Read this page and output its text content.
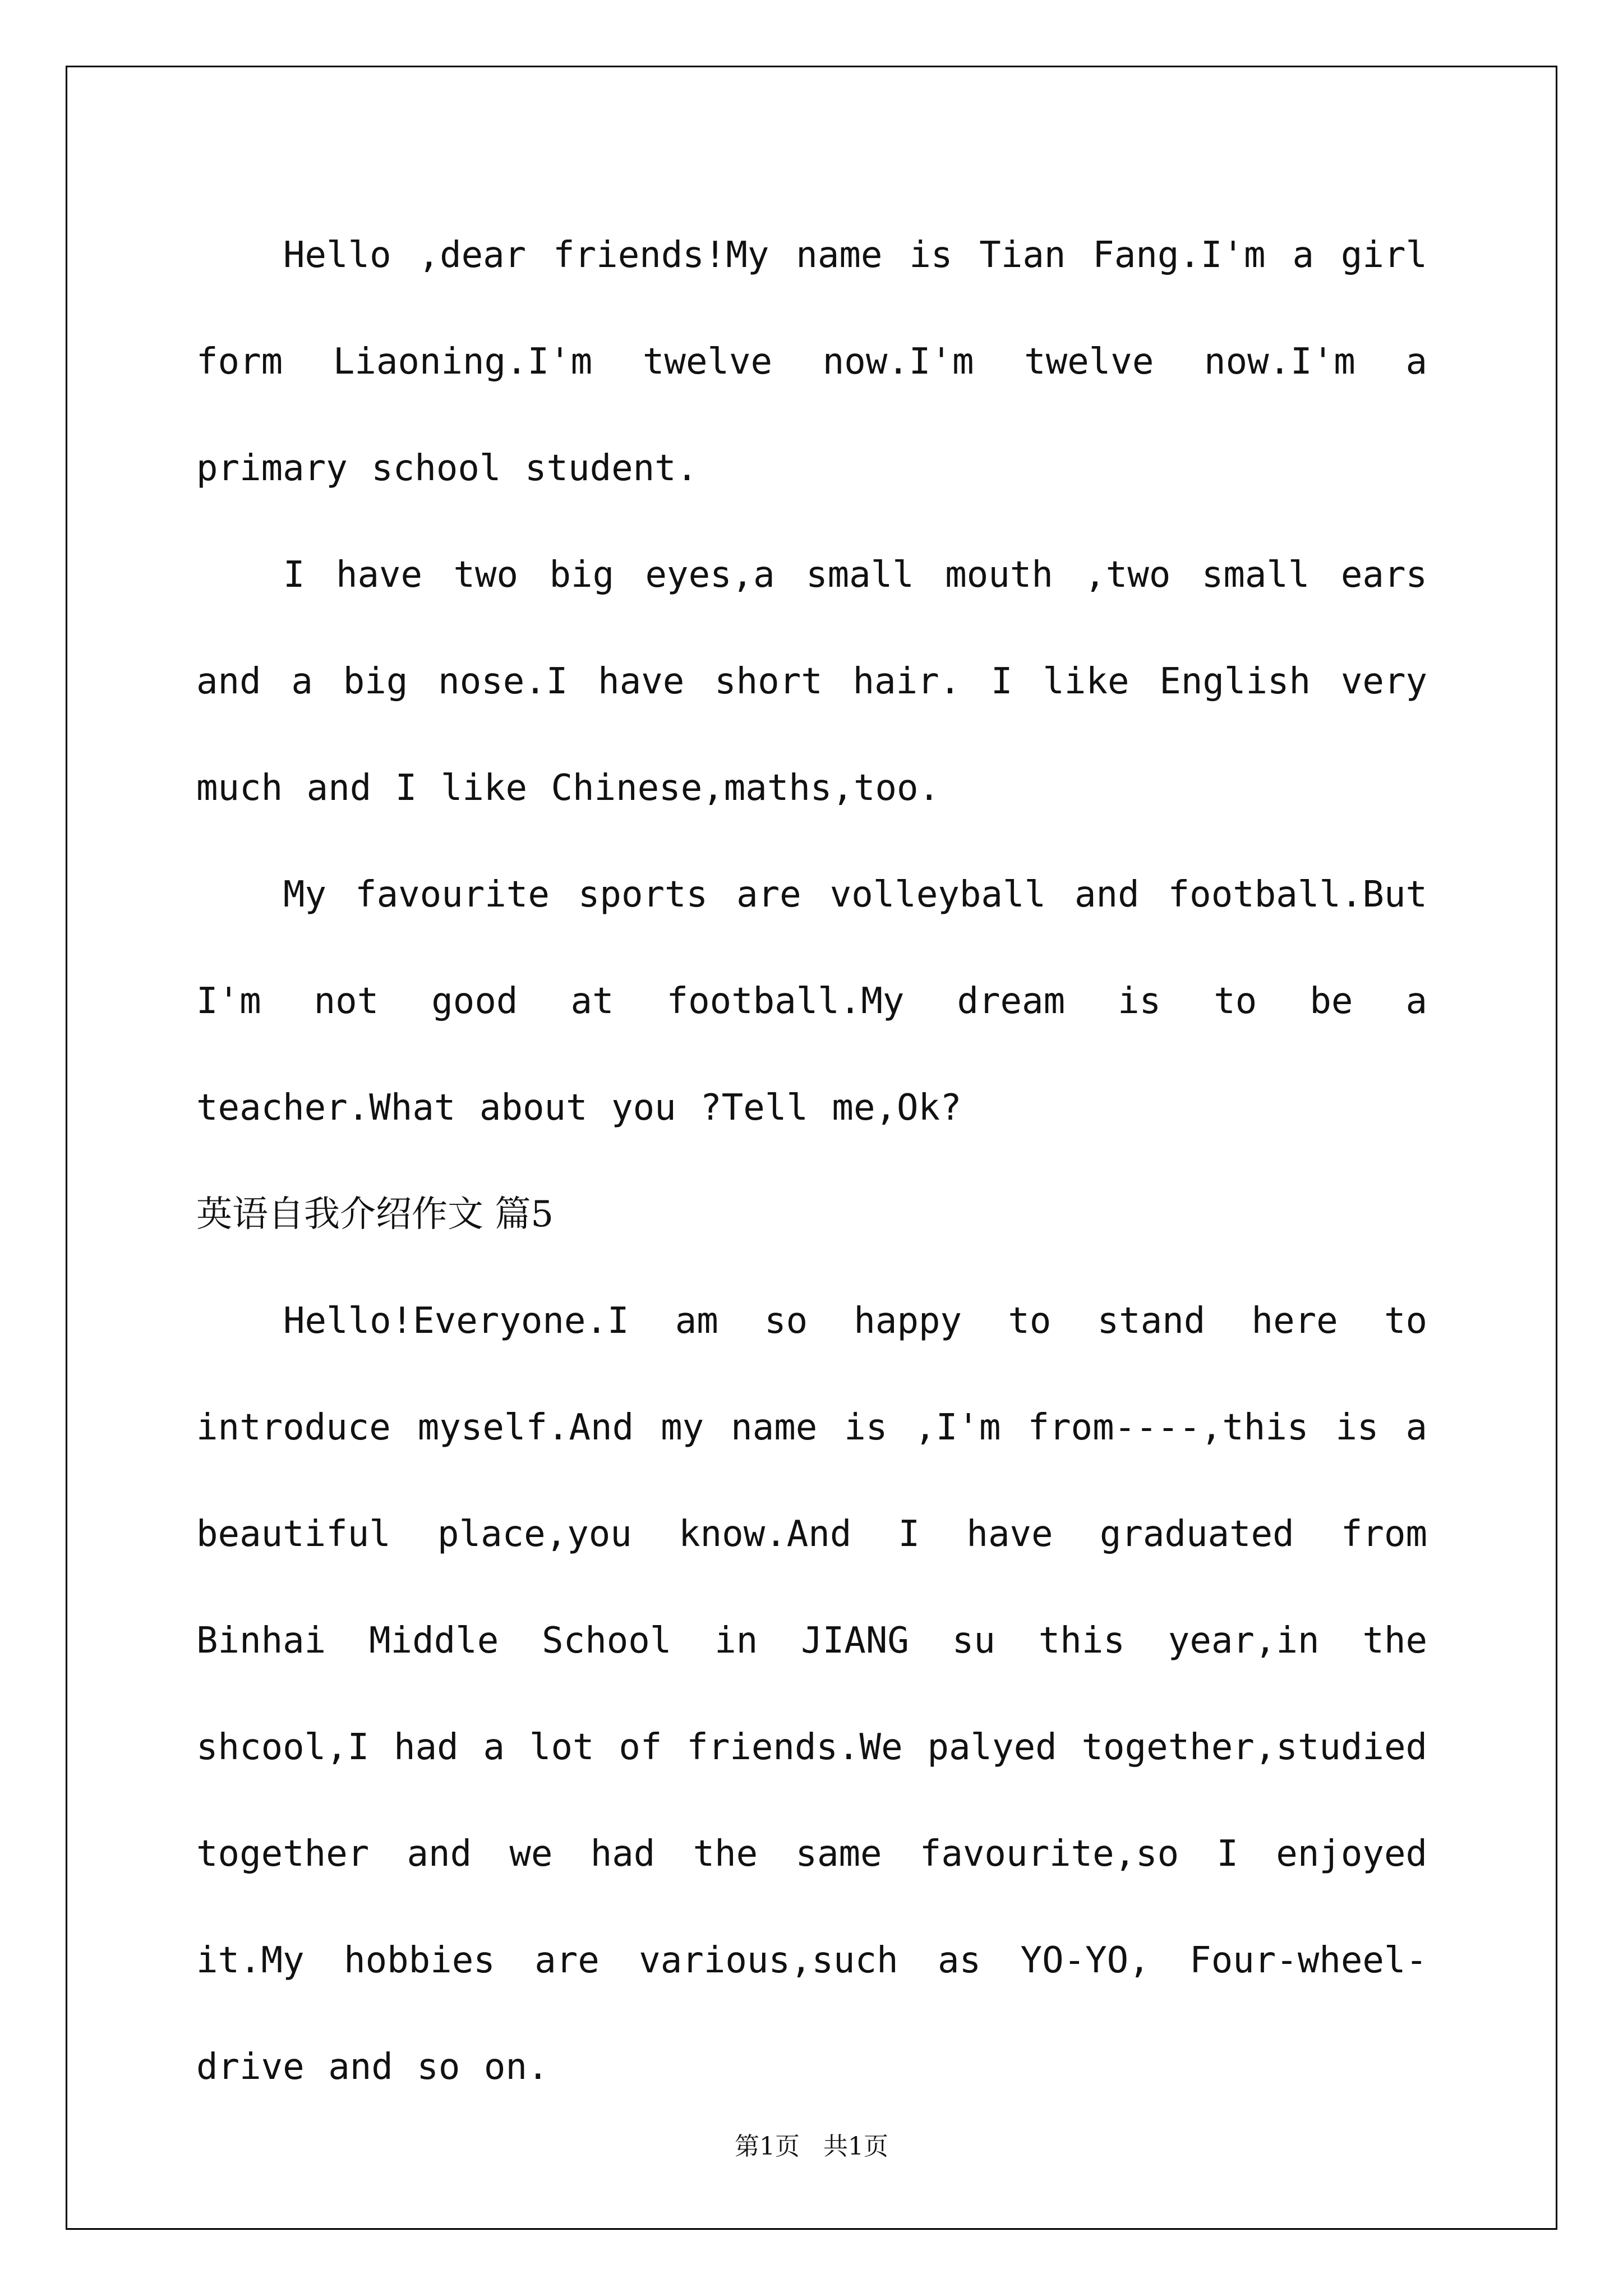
Hello ,dear friends!My name is Tian Fang.I'm a girl form Liaoning.I'm twelve now.I'm twelve now.I'm a primary school student.

I have two big eyes,a small mouth ,two small ears and a big nose.I have short hair. I like English very much and I like Chinese,maths,too.

My favourite sports are volleyball and football.But I'm not good at football.My dream is to be a teacher.What about you ?Tell me,Ok?

英语自我介绍作文 篇5

Hello!Everyone.I am so happy to stand here to introduce myself.And my name is ,I'm from----,this is a beautiful place,you know.And I have graduated from Binhai Middle School in JIANG su this year,in the shcool,I had a lot of friends.We palyed together,studied together and we had the same favourite,so I enjoyed it.My hobbies are various,such as YO-YO, Four-wheel-drive and so on.

第1页   共1页
